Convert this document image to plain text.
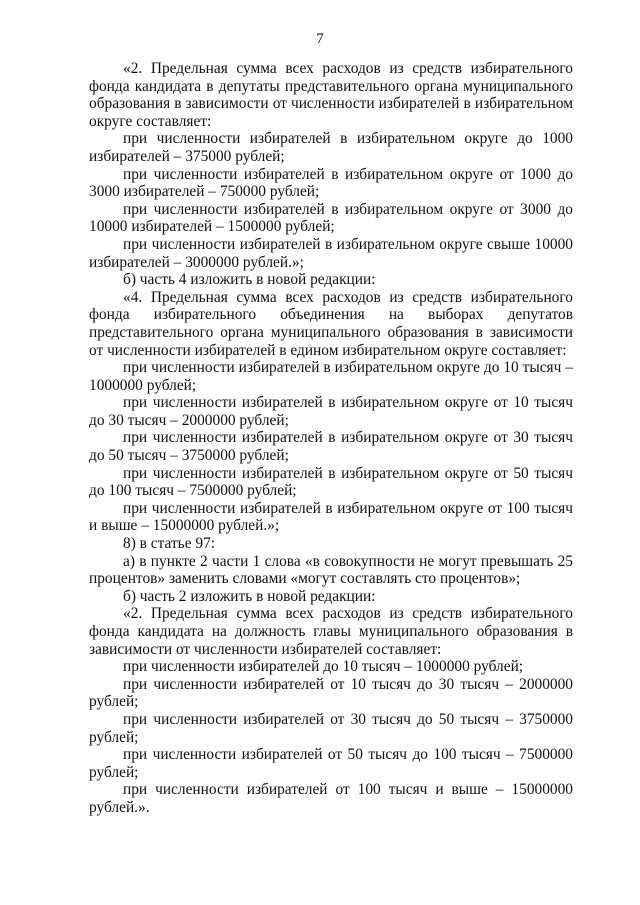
7

«2. Предельная сумма всех расходов из средств избирательного фонда кандидата в депутаты представительного органа муниципального образования в зависимости от численности избирателей в избирательном округе составляет:

при численности избирателей в избирательном округе до 1000 избирателей – 375000 рублей;

при численности избирателей в избирательном округе от 1000 до 3000 избирателей – 750000 рублей;

при численности избирателей в избирательном округе от 3000 до 10000 избирателей – 1500000 рублей;

при численности избирателей в избирательном округе свыше 10000 избирателей – 3000000 рублей.»;

б) часть 4 изложить в новой редакции:

«4. Предельная сумма всех расходов из средств избирательного фонда избирательного объединения на выборах депутатов представительного органа муниципального образования в зависимости от численности избирателей в едином избирательном округе составляет:

при численности избирателей в избирательном округе до 10 тысяч – 1000000 рублей;

при численности избирателей в избирательном округе от 10 тысяч до 30 тысяч – 2000000 рублей;

при численности избирателей в избирательном округе от 30 тысяч до 50 тысяч – 3750000 рублей;

при численности избирателей в избирательном округе от 50 тысяч до 100 тысяч – 7500000 рублей;

при численности избирателей в избирательном округе от 100 тысяч и выше – 15000000 рублей.»;

8) в статье 97:

а) в пункте 2 части 1 слова «в совокупности не могут превышать 25 процентов» заменить словами «могут составлять сто процентов»;

б) часть 2 изложить в новой редакции:

«2. Предельная сумма всех расходов из средств избирательного фонда кандидата на должность главы муниципального образования в зависимости от численности избирателей составляет:

при численности избирателей до 10 тысяч – 1000000 рублей;

при численности избирателей от 10 тысяч до 30 тысяч – 2000000 рублей;

при численности избирателей от 30 тысяч до 50 тысяч – 3750000 рублей;

при численности избирателей от 50 тысяч до 100 тысяч – 7500000 рублей;

при численности избирателей от 100 тысяч и выше – 15000000 рублей.».
